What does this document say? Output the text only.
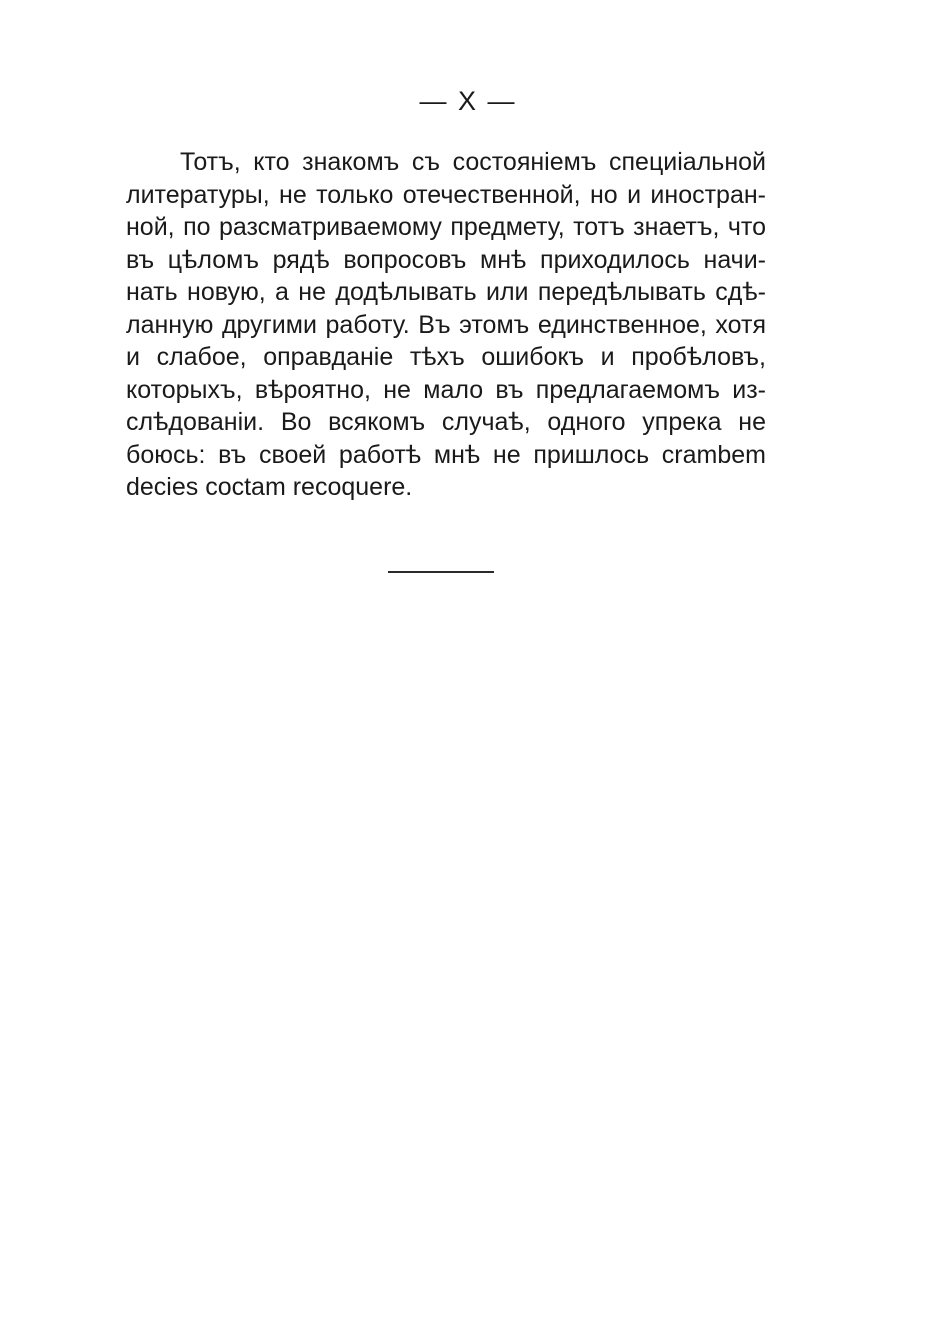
— X —
Тотъ, кто знакомъ съ состояніемъ специіальной
литературы, не только отечественной, но и иностран-
ной, по разсматриваемому предмету, тотъ знаетъ, что
въ цѣломъ рядѣ вопросовъ мнѣ приходилось начи-
нать новую, а не додѣлывать или передѣлывать сдѣ-
ланную другими работу. Въ этомъ единственное, хотя
и слабое, оправданіе тѣхъ ошибокъ и пробѣловъ,
которыхъ, вѣроятно, не мало въ предлагаемомъ из-
слѣдованіи. Во всякомъ случаѣ, одного упрека не
боюсь: въ своей работѣ мнѣ не пришлось crambem
decies coctam recoquere.
